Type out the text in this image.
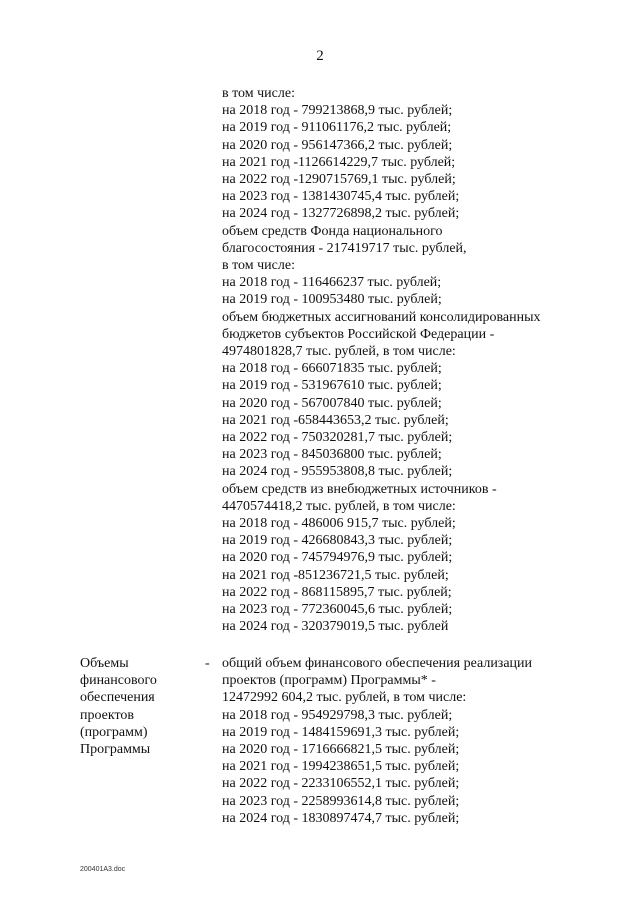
2
в том числе:
на 2018 год - 799213868,9 тыс. рублей;
на 2019 год - 911061176,2 тыс. рублей;
на 2020 год - 956147366,2 тыс. рублей;
на 2021 год -1126614229,7 тыс. рублей;
на 2022 год -1290715769,1 тыс. рублей;
на 2023 год - 1381430745,4 тыс. рублей;
на 2024 год - 1327726898,2 тыс. рублей;
объем средств Фонда национального
благосостояния - 217419717 тыс. рублей,
в том числе:
на 2018 год - 116466237 тыс. рублей;
на 2019 год - 100953480 тыс. рублей;
объем бюджетных ассигнований консолидированных
бюджетов субъектов Российской Федерации -
4974801828,7 тыс. рублей, в том числе:
на 2018 год - 666071835 тыс. рублей;
на 2019 год - 531967610 тыс. рублей;
на 2020 год - 567007840 тыс. рублей;
на 2021 год -658443653,2 тыс. рублей;
на 2022 год - 750320281,7 тыс. рублей;
на 2023 год - 845036800 тыс. рублей;
на 2024 год - 955953808,8 тыс. рублей;
объем средств из внебюджетных источников -
4470574418,2 тыс. рублей, в том числе:
на 2018 год - 486006 915,7 тыс. рублей;
на 2019 год - 426680843,3 тыс. рублей;
на 2020 год - 745794976,9 тыс. рублей;
на 2021 год -851236721,5 тыс. рублей;
на 2022 год - 868115895,7 тыс. рублей;
на 2023 год - 772360045,6 тыс. рублей;
на 2024 год - 320379019,5 тыс. рублей
Объемы
финансового
обеспечения
проектов
(программ)
Программы
- общий объем финансового обеспечения реализации
проектов (программ) Программы* -
12472992 604,2 тыс. рублей, в том числе:
на 2018 год - 954929798,3 тыс. рублей;
на 2019 год - 1484159691,3 тыс. рублей;
на 2020 год - 1716666821,5 тыс. рублей;
на 2021 год - 1994238651,5 тыс. рублей;
на 2022 год - 2233106552,1 тыс. рублей;
на 2023 год - 2258993614,8 тыс. рублей;
на 2024 год - 1830897474,7 тыс. рублей;
200401A3.doc
